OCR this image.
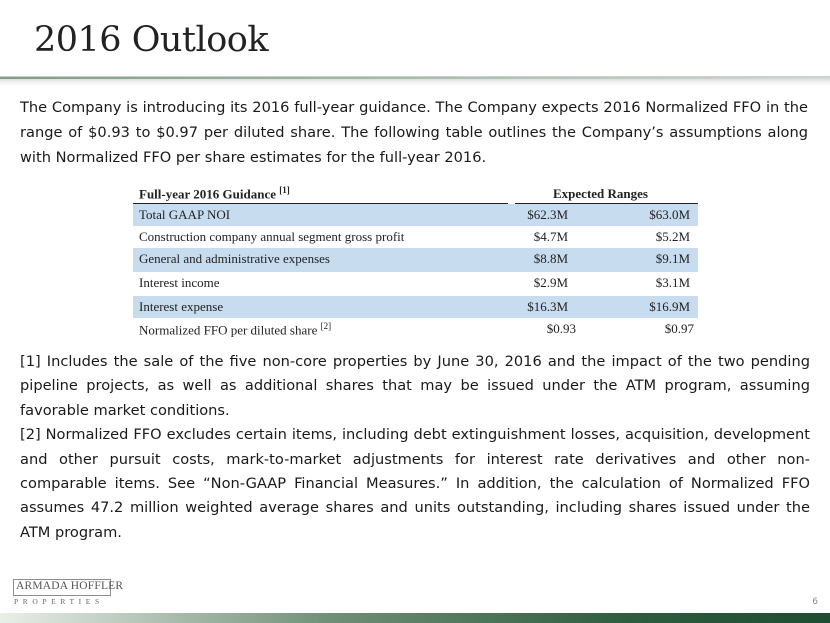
2016 Outlook

The Company is introducing its 2016 full-year guidance. The Company expects 2016 Normalized FFO in the range of $0.93 to $0.97 per diluted share. The following table outlines the Company’s assumptions along with Normalized FFO per share estimates for the full-year 2016.

Full-year 2016 Guidance [1]	Expected Ranges
Total GAAP NOI	$62.3M	$63.0M
Construction company annual segment gross profit	$4.7M	$5.2M
General and administrative expenses	$8.8M	$9.1M
Interest income	$2.9M	$3.1M
Interest expense	$16.3M	$16.9M
Normalized FFO per diluted share [2]	$0.93	$0.97

[1] Includes the sale of the five non-core properties by June 30, 2016 and the impact of the two pending pipeline projects, as well as additional shares that may be issued under the ATM program, assuming favorable market conditions.

[2] Normalized FFO excludes certain items, including debt extinguishment losses, acquisition, development and other pursuit costs, mark-to-market adjustments for interest rate derivatives and other non-comparable items. See “Non-GAAP Financial Measures.” In addition, the calculation of Normalized FFO assumes 47.2 million weighted average shares and units outstanding, including shares issued under the ATM program.

ARMADA HOFFLER
PROPERTIES	6
